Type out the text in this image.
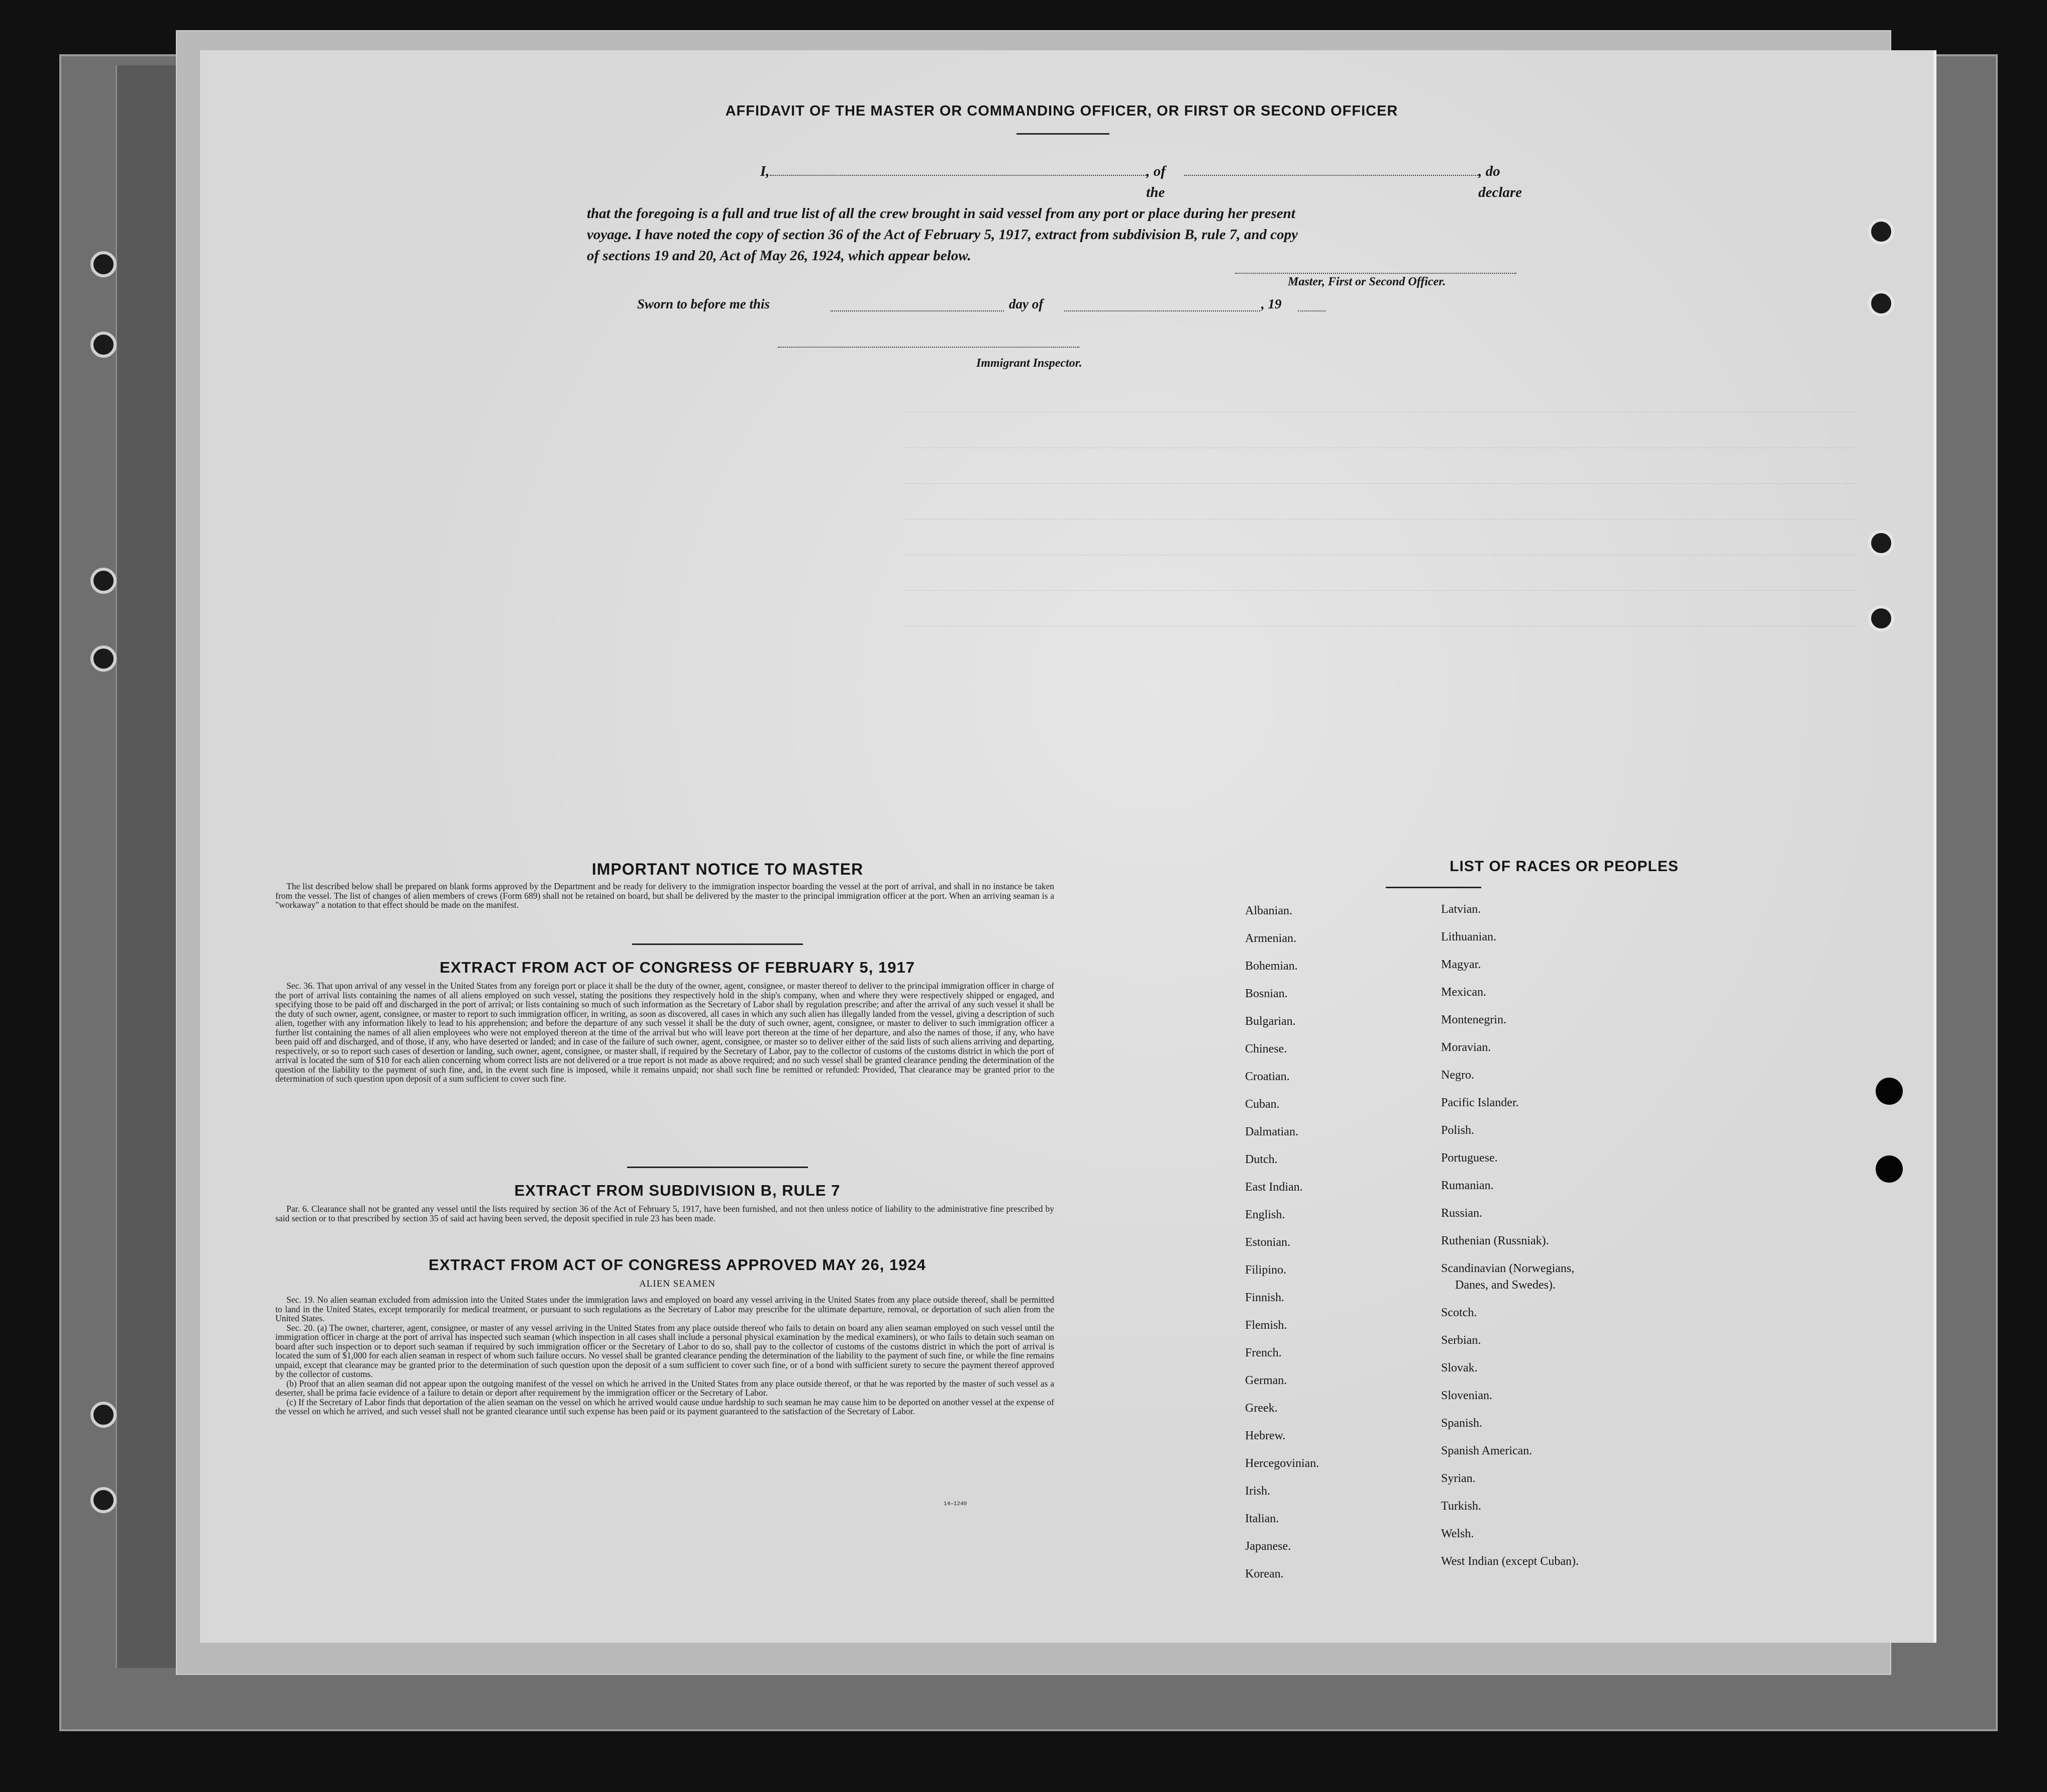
AFFIDAVIT OF THE MASTER OR COMMANDING OFFICER, OR FIRST OR SECOND OFFICER
I,	, of the
, do declare
that the foregoing is a full and true list of all the crew brought in said vessel from any port or place during her present
voyage. I have noted the copy of section 36 of the Act of February 5, 1917, extract from subdivision B, rule 7, and copy
of sections 19 and 20, Act of May 26, 1924, which appear below.
Master, First or Second Officer.
Sworn to before me this	day of	, 19
Immigrant Inspector.
IMPORTANT NOTICE TO MASTER

The list described below shall be prepared on blank forms approved by the Department and be ready for delivery to the immigration inspector boarding the vessel at the port of arrival, and shall in no instance be taken from the vessel. The list of changes of alien members of crews (Form 689) shall not be retained on board, but shall be delivered by the master to the principal immigration officer at the port. When an arriving seaman is a "workaway" a notation to that effect should be made on the manifest.

EXTRACT FROM ACT OF CONGRESS OF FEBRUARY 5, 1917

Sec. 36. That upon arrival of any vessel in the United States from any foreign port or place it shall be the duty of the owner, agent, consignee, or master thereof to deliver to the principal immigration officer in charge of the port of arrival lists containing the names of all aliens employed on such vessel, stating the positions they respectively hold in the ship's company, when and where they were respectively shipped or engaged, and specifying those to be paid off and discharged in the port of arrival; or lists containing so much of such information as the Secretary of Labor shall by regulation prescribe; and after the arrival of any such vessel it shall be the duty of such owner, agent, consignee, or master to report to such immigration officer, in writing, as soon as discovered, all cases in which any such alien has illegally landed from the vessel, giving a description of such alien, together with any information likely to lead to his apprehension; and before the departure of any such vessel it shall be the duty of such owner, agent, consignee, or master to deliver to such immigration officer a further list containing the names of all alien employees who were not employed thereon at the time of the arrival but who will leave port thereon at the time of her departure, and also the names of those, if any, who have been paid off and discharged, and of those, if any, who have deserted or landed; and in case of the failure of such owner, agent, consignee, or master so to deliver either of the said lists of such aliens arriving and departing, respectively, or so to report such cases of desertion or landing, such owner, agent, consignee, or master shall, if required by the Secretary of Labor, pay to the collector of customs of the customs district in which the port of arrival is located the sum of $10 for each alien concerning whom correct lists are not delivered or a true report is not made as above required; and no such vessel shall be granted clearance pending the determination of the question of the liability to the payment of such fine, and, in the event such fine is imposed, while it remains unpaid; nor shall such fine be remitted or refunded: Provided, That clearance may be granted prior to the determination of such question upon deposit of a sum sufficient to cover such fine.

EXTRACT FROM SUBDIVISION B, RULE 7

Par. 6. Clearance shall not be granted any vessel until the lists required by section 36 of the Act of February 5, 1917, have been furnished, and not then unless notice of liability to the administrative fine prescribed by said section or to that prescribed by section 35 of said act having been served, the deposit specified in rule 23 has been made.

EXTRACT FROM ACT OF CONGRESS APPROVED MAY 26, 1924
ALIEN SEAMEN

Sec. 19. No alien seaman excluded from admission into the United States under the immigration laws and employed on board any vessel arriving in the United States from any place outside thereof, shall be permitted to land in the United States, except temporarily for medical treatment, or pursuant to such regulations as the Secretary of Labor may prescribe for the ultimate departure, removal, or deportation of such alien from the United States.

Sec. 20. (a) The owner, charterer, agent, consignee, or master of any vessel arriving in the United States from any place outside thereof who fails to detain on board any alien seaman employed on such vessel until the immigration officer in charge at the port of arrival has inspected such seaman (which inspection in all cases shall include a personal physical examination by the medical examiners), or who fails to detain such seaman on board after such inspection or to deport such seaman if required by such immigration officer or the Secretary of Labor to do so, shall pay to the collector of customs of the customs district in which the port of arrival is located the sum of $1,000 for each alien seaman in respect of whom such failure occurs. No vessel shall be granted clearance pending the determination of the liability to the payment of such fine, or while the fine remains unpaid, except that clearance may be granted prior to the determination of such question upon the deposit of a sum sufficient to cover such fine, or of a bond with sufficient surety to secure the payment thereof approved by the collector of customs.

(b) Proof that an alien seaman did not appear upon the outgoing manifest of the vessel on which he arrived in the United States from any place outside thereof, or that he was reported by the master of such vessel as a deserter, shall be prima facie evidence of a failure to detain or deport after requirement by the immigration officer or the Secretary of Labor.

(c) If the Secretary of Labor finds that deportation of the alien seaman on the vessel on which he arrived would cause undue hardship to such seaman he may cause him to be deported on another vessel at the expense of the vessel on which he arrived, and such vessel shall not be granted clearance until such expense has been paid or its payment guaranteed to the satisfaction of the Secretary of Labor.

14—1240
LIST OF RACES OR PEOPLES
Albanian.
Armenian.
Bohemian.
Bosnian.
Bulgarian.
Chinese.
Croatian.
Cuban.
Dalmatian.
Dutch.
East Indian.
English.
Estonian.
Filipino.
Finnish.
Flemish.
French.
German.
Greek.
Hebrew.
Hercegovinian.
Irish.
Italian.
Japanese.
Korean.
Latvian.
Lithuanian.
Magyar.
Mexican.
Montenegrin.
Moravian.
Negro.
Pacific Islander.
Polish.
Portuguese.
Rumanian.
Russian.
Ruthenian (Russniak).
Scandinavian (Norwegians,
Danes, and Swedes).
Scotch.
Serbian.
Slovak.
Slovenian.
Spanish.
Spanish American.
Syrian.
Turkish.
Welsh.
West Indian (except Cuban).
14—1240
